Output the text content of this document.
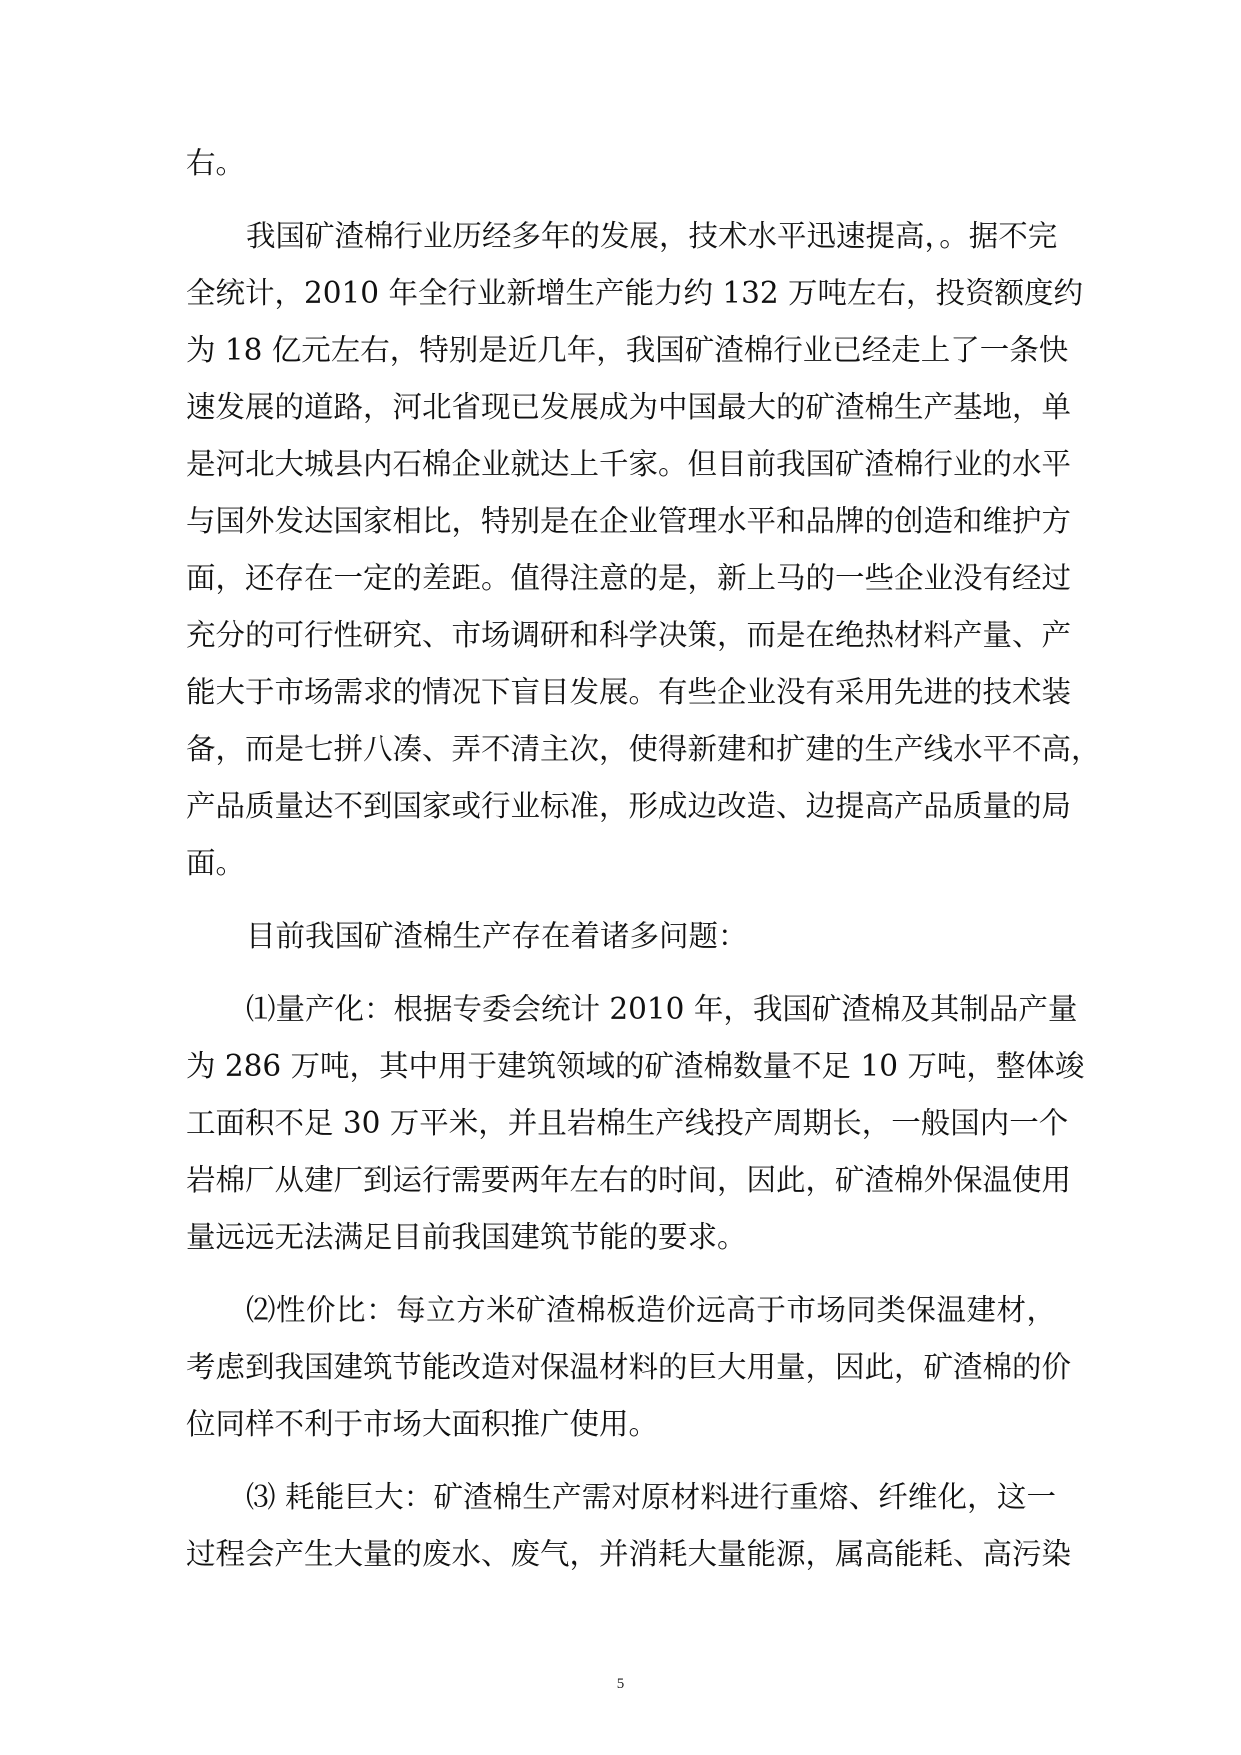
右。
我国矿渣棉行业历经多年的发展，技术水平迅速提高，。据不完
全统计，2010 年全行业新增生产能力约 132 万吨左右，投资额度约
为 18 亿元左右，特别是近几年，我国矿渣棉行业已经走上了一条快
速发展的道路，河北省现已发展成为中国最大的矿渣棉生产基地，单
是河北大城县内石棉企业就达上千家。但目前我国矿渣棉行业的水平
与国外发达国家相比，特别是在企业管理水平和品牌的创造和维护方
面，还存在一定的差距。值得注意的是，新上马的一些企业没有经过
充分的可行性研究、市场调研和科学决策，而是在绝热材料产量、产
能大于市场需求的情况下盲目发展。有些企业没有采用先进的技术装
备，而是七拼八凑、弄不清主次，使得新建和扩建的生产线水平不高，
产品质量达不到国家或行业标准，形成边改造、边提高产品质量的局
面。
目前我国矿渣棉生产存在着诸多问题：
⑴量产化：根据专委会统计 2010 年，我国矿渣棉及其制品产量
为 286 万吨，其中用于建筑领域的矿渣棉数量不足 10 万吨，整体竣
工面积不足 30 万平米，并且岩棉生产线投产周期长，一般国内一个
岩棉厂从建厂到运行需要两年左右的时间，因此，矿渣棉外保温使用
量远远无法满足目前我国建筑节能的要求。
⑵性价比：每立方米矿渣棉板造价远高于市场同类保温建材，
考虑到我国建筑节能改造对保温材料的巨大用量，因此，矿渣棉的价
位同样不利于市场大面积推广使用。
⑶ 耗能巨大：矿渣棉生产需对原材料进行重熔、纤维化，这一
过程会产生大量的废水、废气，并消耗大量能源，属高能耗、高污染
5
